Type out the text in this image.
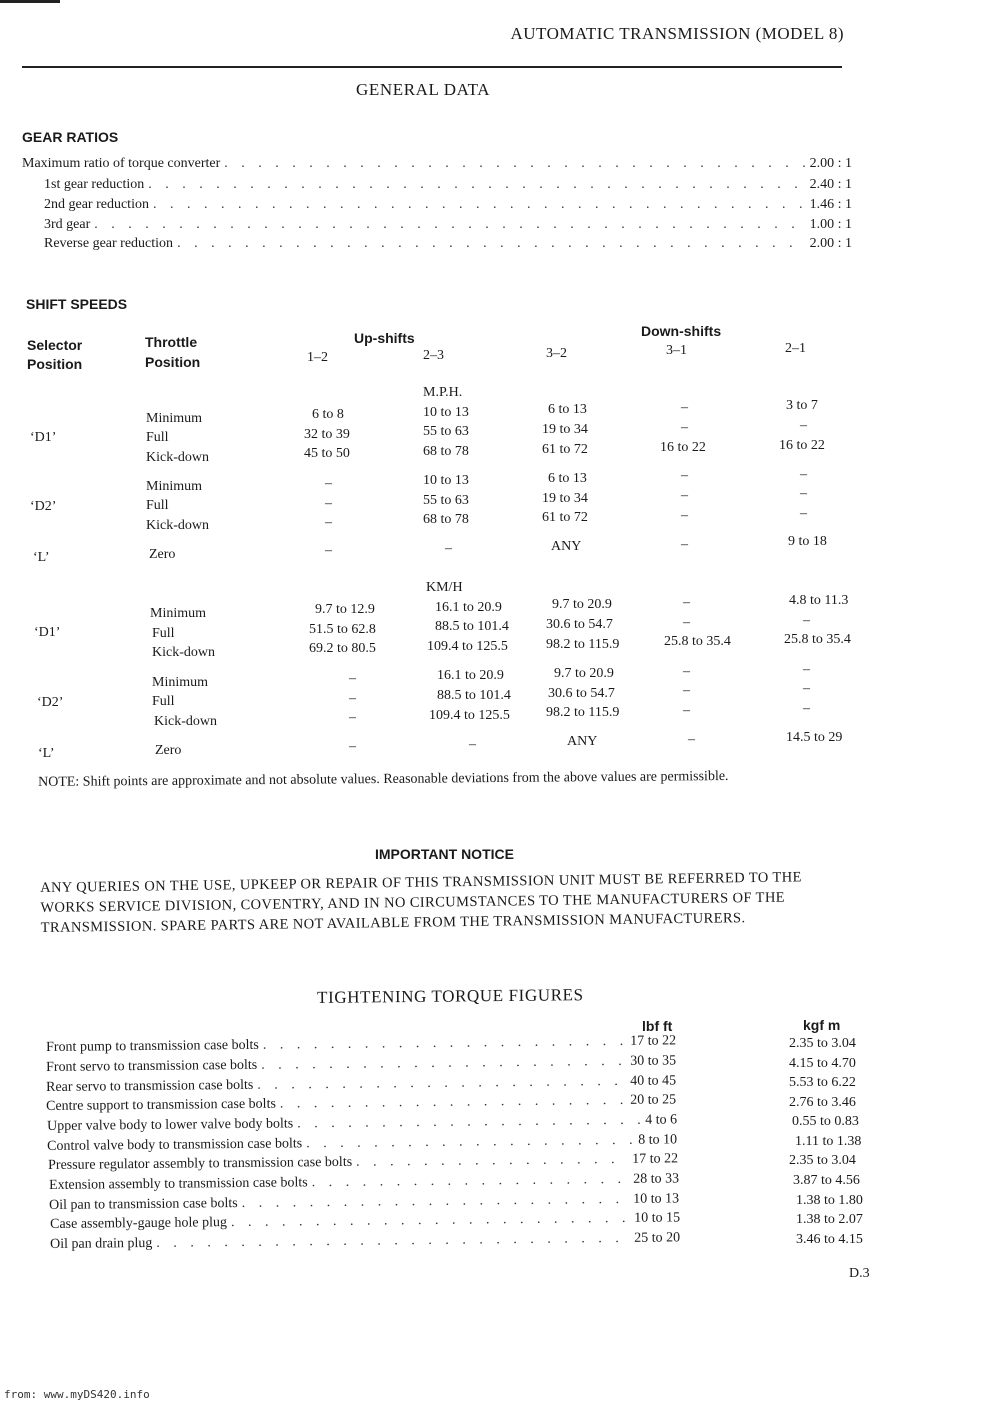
AUTOMATIC TRANSMISSION (MODEL 8)
GENERAL DATA
GEAR RATIOS
Maximum ratio of torque converter . . .	2.00 : 1
1st gear reduction . . .	2.40 : 1
2nd gear reduction . . .	1.46 : 1
3rd gear . . .	1.00 : 1
Reverse gear reduction . . .	2.00 : 1
SHIFT SPEEDS
Selector
Position
Throttle
Position
Up-shifts	Down-shifts
1–2	2–3	3–2	3–1	2–1
M.P.H.
Minimum	6 to 8	10 to 13	6 to 13	–	3 to 7
‘D1’	Full	32 to 39	55 to 63	19 to 34	–	–
Kick-down	45 to 50	68 to 78	61 to 72	16 to 22	16 to 22
Minimum	–	10 to 13	6 to 13	–	–
‘D2’	Full	–	55 to 63	19 to 34	–	–
Kick-down	–	68 to 78	61 to 72	–	–
‘L’	Zero	–	–	ANY	–	9 to 18
KM/H
Minimum	9.7 to 12.9	16.1 to 20.9	9.7 to 20.9	–	4.8 to 11.3
‘D1’	Full	51.5 to 62.8	88.5 to 101.4	30.6 to 54.7	–	–
Kick-down	69.2 to 80.5	109.4 to 125.5	98.2 to 115.9	25.8 to 35.4	25.8 to 35.4
Minimum	–	16.1 to 20.9	9.7 to 20.9	–	–
‘D2’	Full	–	88.5 to 101.4	30.6 to 54.7	–	–
Kick-down	–	109.4 to 125.5	98.2 to 115.9	–	–
‘L’	Zero	–	–	ANY	–	14.5 to 29
NOTE: Shift points are approximate and not absolute values. Reasonable deviations from the above values are permissible.
IMPORTANT NOTICE
ANY QUERIES ON THE USE, UPKEEP OR REPAIR OF THIS TRANSMISSION UNIT MUST BE REFERRED TO THE
WORKS SERVICE DIVISION, COVENTRY, AND IN NO CIRCUMSTANCES TO THE MANUFACTURERS OF THE
TRANSMISSION. SPARE PARTS ARE NOT AVAILABLE FROM THE TRANSMISSION MANUFACTURERS.
TIGHTENING TORQUE FIGURES
lbf ft	kgf m
Front pump to transmission case bolts . . .	17 to 22	2.35 to 3.04
Front servo to transmission case bolts . . .	30 to 35	4.15 to 4.70
Rear servo to transmission case bolts . . .	40 to 45	5.53 to 6.22
Centre support to transmission case bolts . . .	20 to 25	2.76 to 3.46
Upper valve body to lower valve body bolts . . .	4 to 6	0.55 to 0.83
Control valve body to transmission case bolts . . .	8 to 10	1.11 to 1.38
Pressure regulator assembly to transmission case bolts . . .	17 to 22	2.35 to 3.04
Extension assembly to transmission case bolts . . .	28 to 33	3.87 to 4.56
Oil pan to transmission case bolts . . .	10 to 13	1.38 to 1.80
Case assembly-gauge hole plug . . .	10 to 15	1.38 to 2.07
Oil pan drain plug . . .	25 to 20	3.46 to 4.15
D.3
from: www.myDS420.info
